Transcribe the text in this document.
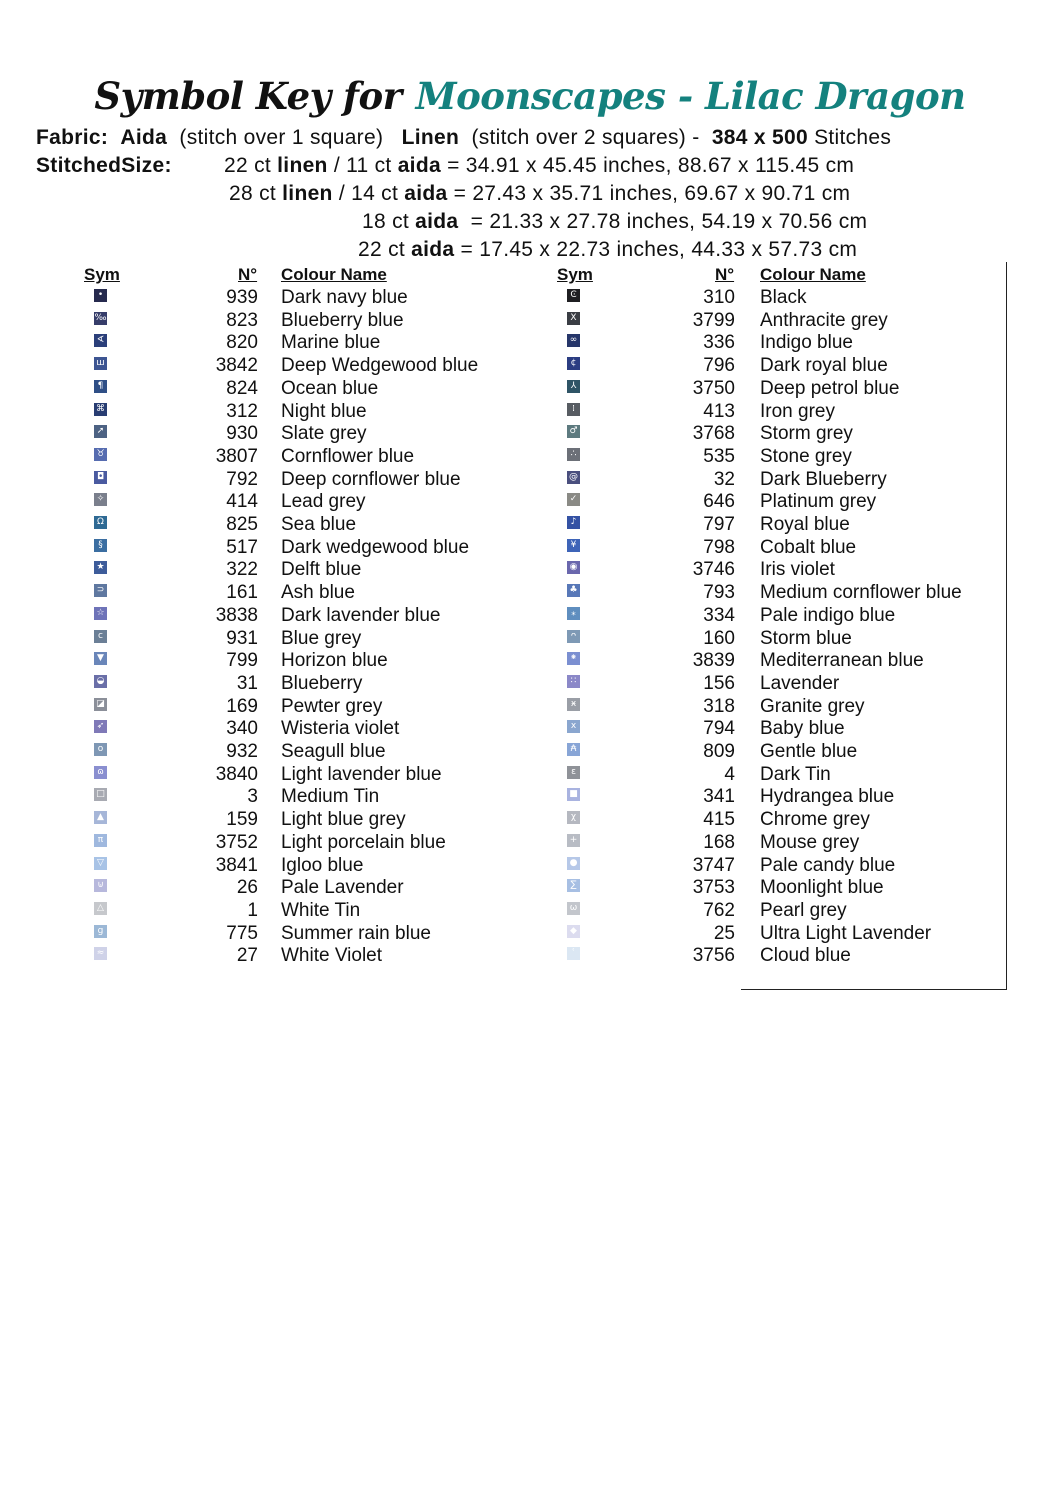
Symbol Key for Moonscapes - Lilac Dragon
Fabric: Aida (stitch over 1 square) Linen (stitch over 2 squares) - 384 x 500 Stitches
StitchedSize: 22 ct linen / 11 ct aida = 34.91 x 45.45 inches, 88.67 x 115.45 cm
28 ct linen / 14 ct aida = 27.43 x 35.71 inches, 69.67 x 90.71 cm
18 ct aida  = 21.33 x 27.78 inches, 54.19 x 70.56 cm
22 ct aida = 17.45 x 22.73 inches, 44.33 x 57.73 cm
Sym	N° Colour Name	Sym	N° Colour Name
•	939 Dark navy blue
‰	823 Blueberry blue
∢	820 Marine blue
ш	3842 Deep Wedgewood blue
¶	824 Ocean blue
⌘	312 Night blue
➚	930 Slate grey
♉	3807 Cornflower blue
◘	792 Deep cornflower blue
✧	414 Lead grey
Ω	825 Sea blue
§	517 Dark wedgewood blue
★	322 Delft blue
⊃	161 Ash blue
☆	3838 Dark lavender blue
c	931 Blue grey
▼	799 Horizon blue
◒	31 Blueberry
◪	169 Pewter grey
➶	340 Wisteria violet
o	932 Seagull blue
ɷ	3840 Light lavender blue
□	3 Medium Tin
▲	159 Light blue grey
π	3752 Light porcelain blue
▽	3841 Igloo blue
⊍	26 Pale Lavender
△	1 White Tin
g	775 Summer rain blue
≈	27 White Violet
Ͼ	310 Black
Х	3799 Anthracite grey
∞	336 Indigo blue
¢	796 Dark royal blue
⅄	3750 Deep petrol blue
⁞	413 Iron grey
♂	3768 Storm grey
∴	535 Stone grey
@	32 Dark Blueberry
✓	646 Platinum grey
♪	797 Royal blue
¥	798 Cobalt blue
◉	3746 Iris violet
♣	793 Medium cornflower blue
⁎	334 Pale indigo blue
ᴖ	160 Storm blue
⁕	3839 Mediterranean blue
∷	156 Lavender
ӿ	318 Granite grey
x	794 Baby blue
₳	809 Gentle blue
ɛ	4 Dark Tin
■	341 Hydrangea blue
χ	415 Chrome grey
+	168 Mouse grey
●	3747 Pale candy blue
∑	3753 Moonlight blue
ω	762 Pearl grey
◆	25 Ultra Light Lavender
ʿ	3756 Cloud blue
